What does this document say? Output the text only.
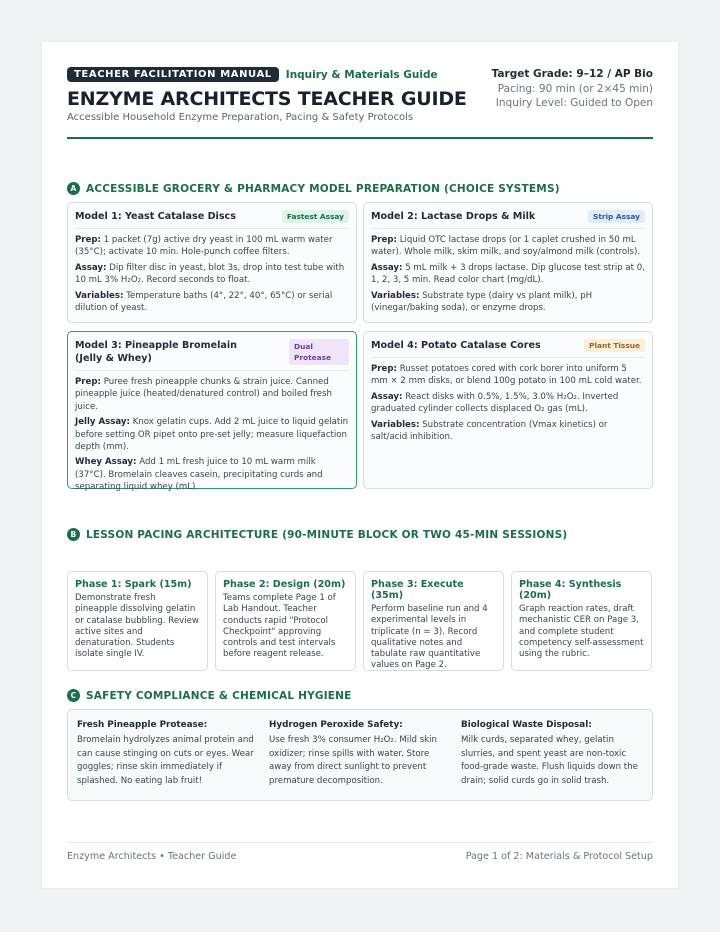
TEACHER FACILITATION MANUAL	Inquiry & Materials Guide
ENZYME ARCHITECTS TEACHER GUIDE
Accessible Household Enzyme Preparation, Pacing & Safety Protocols
Target Grade: 9–12 / AP Bio
Pacing: 90 min (or 2×45 min)
Inquiry Level: Guided to Open
A ACCESSIBLE GROCERY & PHARMACY MODEL PREPARATION (CHOICE SYSTEMS)
Model 1: Yeast Catalase Discs	Fastest Assay
Prep: 1 packet (7g) active dry yeast in 100 mL warm water (35°C); activate 10 min. Hole-punch coffee filters.
Assay: Dip filter disc in yeast, blot 3s, drop into test tube with 10 mL 3% H₂O₂. Record seconds to float.
Variables: Temperature baths (4°, 22°, 40°, 65°C) or serial dilution of yeast.
Model 2: Lactase Drops & Milk	Strip Assay
Prep: Liquid OTC lactase drops (or 1 caplet crushed in 50 mL water). Whole milk, skim milk, and soy/almond milk (controls).
Assay: 5 mL milk + 3 drops lactase. Dip glucose test strip at 0, 1, 2, 3, 5 min. Read color chart (mg/dL).
Variables: Substrate type (dairy vs plant milk), pH (vinegar/baking soda), or enzyme drops.
Model 3: Pineapple Bromelain (Jelly & Whey)
Dual Protease
Prep: Puree fresh pineapple chunks & strain juice. Canned pineapple juice (heated/denatured control) and boiled fresh juice.
Jelly Assay: Knox gelatin cups. Add 2 mL juice to liquid gelatin before setting OR pipet onto pre-set jelly; measure liquefaction depth (mm).
Whey Assay: Add 1 mL fresh juice to 10 mL warm milk (37°C). Bromelain cleaves casein, precipitating curds and separating liquid whey (mL).
Model 4: Potato Catalase Cores	Plant Tissue
Prep: Russet potatoes cored with cork borer into uniform 5 mm × 2 mm disks, or blend 100g potato in 100 mL cold water.
Assay: React disks with 0.5%, 1.5%, 3.0% H₂O₂. Inverted graduated cylinder collects displaced O₂ gas (mL).
Variables: Substrate concentration (Vmax kinetics) or salt/acid inhibition.
B LESSON PACING ARCHITECTURE (90-MINUTE BLOCK OR TWO 45-MIN SESSIONS)
Phase 1: Spark (15m)
Demonstrate fresh pineapple dissolving gelatin or catalase bubbling. Review active sites and denaturation. Students isolate single IV.
Phase 2: Design (20m)
Teams complete Page 1 of Lab Handout. Teacher conducts rapid "Protocol Checkpoint" approving controls and test intervals before reagent release.
Phase 3: Execute (35m)
Perform baseline run and 4 experimental levels in triplicate (n = 3). Record qualitative notes and tabulate raw quantitative values on Page 2.
Phase 4: Synthesis (20m)
Graph reaction rates, draft mechanistic CER on Page 3, and complete student competency self-assessment using the rubric.
C SAFETY COMPLIANCE & CHEMICAL HYGIENE
Fresh Pineapple Protease:
Bromelain hydrolyzes animal protein and can cause stinging on cuts or eyes. Wear goggles; rinse skin immediately if splashed. No eating lab fruit!
Hydrogen Peroxide Safety:
Use fresh 3% consumer H₂O₂. Mild skin oxidizer; rinse spills with water. Store away from direct sunlight to prevent premature decomposition.
Biological Waste Disposal:
Milk curds, separated whey, gelatin slurries, and spent yeast are non-toxic food-grade waste. Flush liquids down the drain; solid curds go in solid trash.
Enzyme Architects • Teacher Guide	Page 1 of 2: Materials & Protocol Setup
